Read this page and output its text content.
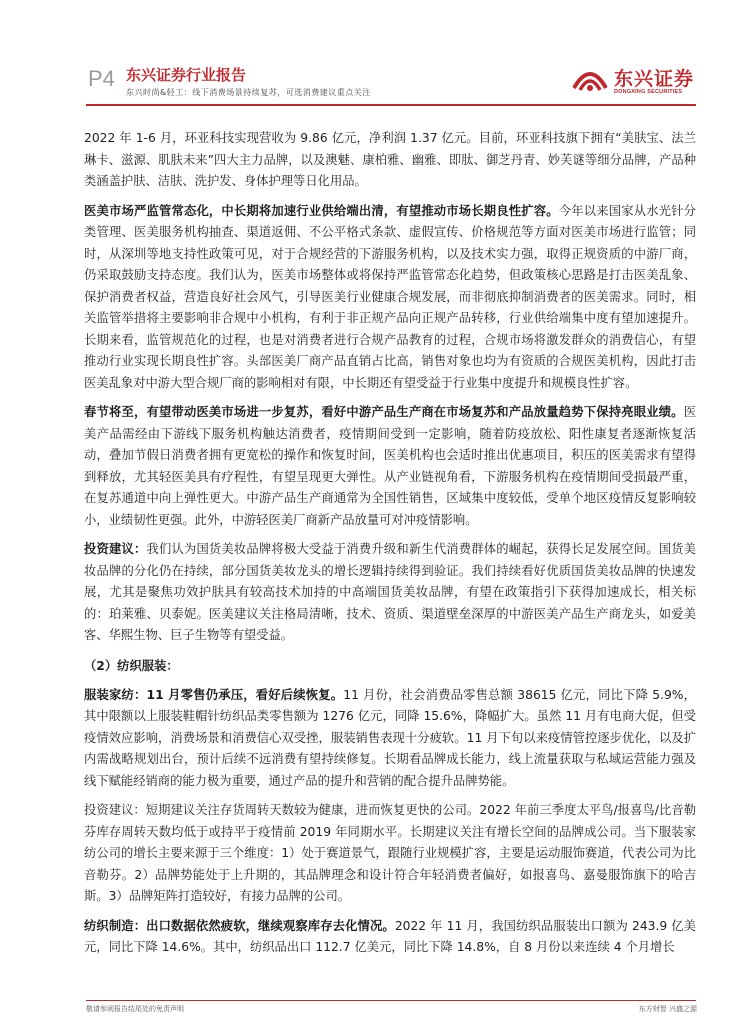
P4 东兴证券行业报告
东兴时尚&轻工：线下消费场景持续复苏，可选消费建议重点关注
东兴证券
DONGXING SECURITIES

2022 年 1-6 月，环亚科技实现营收为 9.86 亿元，净利润 1.37 亿元。目前，环亚科技旗下拥有“美肤宝、法兰琳卡、滋源、肌肤未来”四大主力品牌，以及澳魅、康柏雅、幽雅、即肽、御芝丹青、妙芙谜等细分品牌，产品种类涵盖护肤、洁肤、洗护发、身体护理等日化用品。

医美市场严监管常态化，中长期将加速行业供给端出清，有望推动市场长期良性扩容。今年以来国家从水光针分类管理、医美服务机构抽查、渠道返佣、不公平格式条款、虚假宣传、价格规范等方面对医美市场进行监管；同时，从深圳等地支持性政策可见，对于合规经营的下游服务机构，以及技术实力强，取得正规资质的中游厂商，仍采取鼓励支持态度。我们认为，医美市场整体或将保持严监管常态化趋势，但政策核心思路是打击医美乱象、保护消费者权益，营造良好社会风气，引导医美行业健康合规发展，而非彻底抑制消费者的医美需求。同时，相关监管举措将主要影响非合规中小机构，有利于非正规产品向正规产品转移，行业供给端集中度有望加速提升。长期来看，监管规范化的过程，也是对消费者进行合规产品教育的过程，合规市场将激发群众的消费信心，有望推动行业实现长期良性扩容。头部医美厂商产品直销占比高，销售对象也均为有资质的合规医美机构，因此打击医美乱象对中游大型合规厂商的影响相对有限，中长期还有望受益于行业集中度提升和规模良性扩容。

春节将至，有望带动医美市场进一步复苏，看好中游产品生产商在市场复苏和产品放量趋势下保持亮眼业绩。医美产品需经由下游线下服务机构触达消费者，疫情期间受到一定影响，随着防疫放松、阳性康复者逐渐恢复活动，叠加节假日消费者拥有更宽松的操作和恢复时间，医美机构也会适时推出优惠项目，积压的医美需求有望得到释放，尤其轻医美具有疗程性，有望呈现更大弹性。从产业链视角看，下游服务机构在疫情期间受损最严重，在复苏通道中向上弹性更大。中游产品生产商通常为全国性销售，区域集中度较低，受单个地区疫情反复影响较小，业绩韧性更强。此外，中游轻医美厂商新产品放量可对冲疫情影响。

投资建议：我们认为国货美妆品牌将极大受益于消费升级和新生代消费群体的崛起，获得长足发展空间。国货美妆品牌的分化仍在持续，部分国货美妆龙头的增长逻辑持续得到验证。我们持续看好优质国货美妆品牌的快速发展，尤其是聚焦功效护肤具有较高技术加持的中高端国货美妆品牌，有望在政策指引下获得加速成长，相关标的：珀莱雅、贝泰妮。医美建议关注格局清晰，技术、资质、渠道壁垒深厚的中游医美产品生产商龙头，如爱美客、华熙生物、巨子生物等有望受益。

（2）纺织服装：

服装家纺：11 月零售仍承压，看好后续恢复。11 月份，社会消费品零售总额 38615 亿元，同比下降 5.9%，其中限额以上服装鞋帽针纺织品类零售额为 1276 亿元，同降 15.6%，降幅扩大。虽然 11 月有电商大促，但受疫情效应影响，消费场景和消费信心双受挫，服装销售表现十分疲软。11 月下旬以来疫情管控逐步优化，以及扩内需战略规划出台，预计后续不远消费有望持续修复。长期看品牌成长能力，线上流量获取与私域运营能力强及线下赋能经销商的能力极为重要，通过产品的提升和营销的配合提升品牌势能。

投资建议：短期建议关注存货周转天数较为健康，进而恢复更快的公司。2022 年前三季度太平鸟/报喜鸟/比音勒芬库存周转天数均低于或持平于疫情前 2019 年同期水平。长期建议关注有增长空间的品牌成公司。当下服装家纺公司的增长主要来源于三个维度：1）处于赛道景气，跟随行业规模扩容，主要是运动服饰赛道，代表公司为比音勒芬。2）品牌势能处于上升期的，其品牌理念和设计符合年轻消费者偏好，如报喜鸟、嘉曼服饰旗下的哈吉斯。3）品牌矩阵打造较好，有接力品牌的公司。

纺织制造：出口数据依然疲软，继续观察库存去化情况。2022 年 11 月，我国纺织品服装出口额为 243.9 亿美元，同比下降 14.6%。其中，纺织品出口 112.7 亿美元，同比下降 14.8%，自 8 月份以来连续 4 个月增长

敬请参阅报告结尾处的免责声明	东方财智 兴盛之源
